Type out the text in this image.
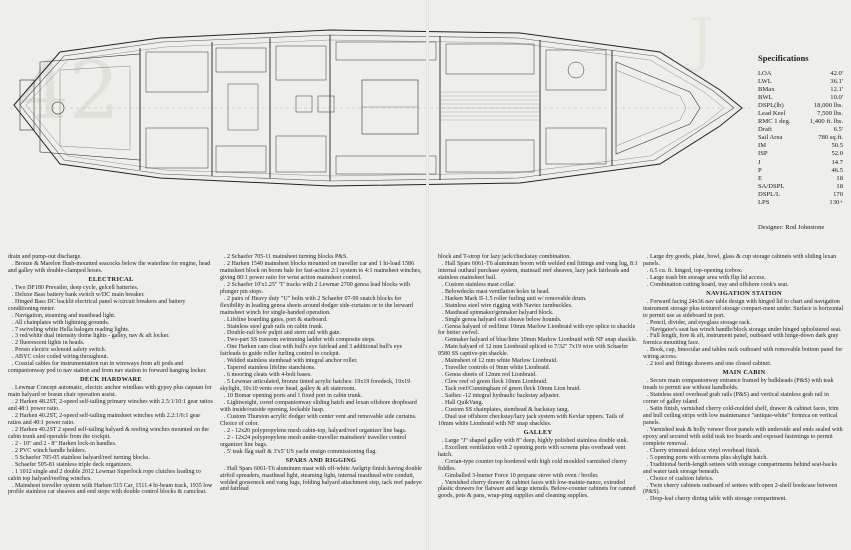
42
J	Specifications
LOA	42.0'
LWL	36.1'
BMax	12.1'
BWL	10.0'
DSPL(lb)	18,000 lbs.
Lead Keel	7,500 lbs.
RMC 1 deg.	1,400 ft. lbs.
Draft	6.5'
Sail Area	780 sq.ft.
IM	50.5
ISP	52.0
J	14.7
P	46.5
E	18
SA/DSPL	18
DSPL/L	170
LPS	130+
Designer: Rod Johnstone

drain and pump-out discharge.

. Bronze & Marelon flush-mounted seacocks below the waterline for engine, head and galley with double-clamped hoses.

ELECTRICAL

. Two DF180 Prevailer, deep cycle, gelcell batteries.

. Deluxe Bass battery bank switch w/DC main breaker.

. Hinged Bass DC backlit electrical panel w/circuit breakers and battery conditioning meter.

. Navigation, steaming and masthead light.

. All chainplates with lightning grounds.

. 7 swiveling white Hella halogen reading lights.

. 3 red/white dual intensity dome lights - galley, nav & aft locker.

. 2 fluorescent lights in heads.

. Presto electric solenoid safety switch.

. ABYC color coded wiring throughout.

. Coaxial cables for instrumentation run in wireways from aft pods and companionway pod to nav station and from nav station to forward hanging locker.

DECK HARDWARE

. Lewmar Concept automatic, electric anchor windlass with gypsy plus capstan for main halyard or bosun chair operation assist.

. 2 Harken 48.2ST, 2-speed self-tailing primary winches with 2.5:1/10:1 gear ratios and 48:1 power ratio.

. 2 Harken 40.2ST, 2-speed self-tailing mainsheet winches with 2.2:1/6:1 gear ratios and 40:1 power ratio.

. 2 Harken 40.2ST 2 speed self-tailing halyard & reefing winches mounted on the cabin trunk and operable from the cockpit.

. 2 - 10" and 2 - 8" Harken lock-in handles.

. 2 PVC winch handle holders.

. 5 Schaefer 705-05 stainless halyard/reef turning blocks.

. Schaefer 505-81 stainless triple deck organizers.

. 1 1012 single and 2 double 2012 Lewmar Superlock rope clutches leading to cabin top halyard/reefing winches.

. Mainsheet traveller system with Harken 515 Car, 1511.4 hi-beam track, 1935 low profile stainless car sheaves and end stops with double control blocks & camcleat.

. 2 Schaefer 705-11 mainsheet turning blocks P&S.

. 2 Harken 1540 mainsheet blocks mounted on traveller car and 1 hi-load 1586 mainsheet block on boom bale for fast-action 2:1 system to 4:1 mainsheet winches, giving 80:1 power ratio for wrist action mainsheet control.

. 2 Schaefer 10'x1.25" 'T' tracks with 2 Lewmar 2700 genoa lead blocks with plunger pin stops.

. 2 pairs of Heavy duty "U" bolts with 2 Schaefer 07-99 snatch blocks for flexibility in leading genoa sheets around dodger side-curtains or to the leeward mainsheet winch for single-handed operation.

. Lifeline boarding gates, port & starboard.

. Stainless steel grab rails on cabin trunk.

. Double-rail bow pulpit and stern rail with gate.

. Two-part SS transom swimming ladder with composite steps.

. One Harken cam cleat with bull's eye fairlead and 3 additional bull's eye fairleads to guide roller furling control to cockpit.

. Welded stainless stemhead with integral anchor roller.

. Tapered stainless lifeline stanchions.

. 6 mooring cleats with 4-bolt bases.

. 5 Lewmar articulated, bronze tinted acrylic hatches: 19x19 foredeck, 19x19 skylight, 10x10 vents over head, galley & aft stateroom.

. 10 Bomar opening ports and 1 fixed port in cabin trunk.

. Lightweight, cored companionway sliding hatch and lexan offshore dropboard with inside/outside opening, lockable hasp.

. Custom Thurston acrylic dodger with center vent and removable side curtains. Choice of color.

. 2 - 12x20 polypropylene mesh cabin-top, halyard/reef organizer line bags.

. 2 - 12x24 polypropylene mesh under-traveller mainsheet/ traveller control organizer line bags.

. 5' teak flag staff & 3'x5' US yacht ensign commissioning flag.

SPARS AND RIGGING

. Hall Spars 6061-T6 aluminum mast with off-white Awlgrip finish having double airfoil spreaders, masthead light, steaming light, internal masthead wire conduit, welded gooseneck and vang lugs, folding halyard attachment step, tack reef padeye and fairlead

block and T-strop for lazy jack/checkstay combination.

. Hall Spars 6061-T6 aluminum boom with welded end fittings and vang lug, 8:1 internal outhaul purchase system, mainsail reef sheaves, lazy jack fairleads and stainless mainsheet bail.

. Custom stainless mast collar.

. Belowdecks mast ventilation holes in head.

. Harken Mark II-1.5 roller furling unit w/ removable drum.

. Stainless steel wire rigging with Navtec turnbuckles.

. Masthead spinnaker/gennaker halyard block.

. Single genoa halyard exit sheave below hounds.

. Genoa halyard of red/lime 10mm Marlow Lionbraid with eye splice to shackle for better swivel.

. Gennaker halyard of blue/lime 10mm Marlow Lionbraid with NF snap shackle.

. Main halyard of 12 mm Lionbraid spliced to 7/32" 7x19 wire with Schaefer 9580 SS captive-pin shackle.

. Mainsheet of 12 mm white Marlow Lionbraid.

. Traveller controls of 9mm white Lionbraid.

. Genoa sheets of 12mm red Lionbraid.

. Clew reef of green fleck 10mm Lionbraid.

. Tack reef/Cunningham of green fleck 10mm Lion braid.

. Sailtec -12 integral hydraulic backstay adjuster.

. Hall QuikVang.

. Custom SS chainplates, stemhead & backstay tang.

. Dual use offshore checkstay/lazy jack system with Kevlar uppers. Tails of 10mm white Lionbraid with NF snap shackles.

GALLEY

. Large "J" shaped galley with 8" deep, highly polished stainless double sink.

. Excellent ventilation with 2 opening ports with screens plus overhead vent hatch.

. Corian-type counter top bordered with high cold moulded varnished cherry fiddles.

. Gimballed 3-burner Force 10 propane stove with oven / broiler.

. Varnished cherry drawer & cabinet faces with low-mainte-nance, extruded plastic drawers for flatware and large utensils. Below-counter cabinets for canned goods, pots & pans, wrap-ping supplies and cleaning supplies.

. Large dry goods, plate, bowl, glass & cup storage cabinets with sliding lexan panels.

. 6.5 cu. ft. hinged, top-opening icebox.

. Large trash bin storage area with flip lid access.

. Combination cutting board, tray and offshore cook's seat.

NAVIGATION STATION

. Forward facing 24x36 nav table design with hinged lid to chart and navigation instrument storage plus textured storage compart-ment under. Surface is horizontal to permit use as sideboard in port.

. Pencil, divider, and eyeglass storage rack.

. Navigator's seat has winch handle/block storage under hinged upholstered seat.

. Full length, fore & aft, instrument panel, outboard with hinge-down dark gray formica mounting face.

. Book, cap, binocular and tables rack outboard with removable bottom panel for wiring access.

. 2 tool and fittings drawers and one closed cabinet.

MAIN CABIN

. Secure main companionway entrance framed by bulkheads (P&S) with teak treads to permit use without handholds.

. Stainless steel overhead grab rails (P&S) and vertical stainless grab rail in corner of galley island.

. Satin finish, varnished cherry cold-molded shelf, drawer & cabinet faces, trim and hull ceiling strips with low maintenance "antique-white" formica on vertical panels.

. Varnished teak & holly veneer floor panels with underside and ends sealed with epoxy and secured with solid teak toe boards and exposed fastenings to permit complete removal.

. Cherry trimmed deluxe vinyl overhead finish.

. 5 opening ports with screens plus skylight hatch.

. Traditional berth-length settees with storage compartments behind seat-backs and water tank storage beneath.

. Choice of cushion fabrics.

. Twin cherry cabinets outboard of settees with open 2-shelf bookcase between (P&S).

. Drop-leaf cherry dining table with storage compartment.
